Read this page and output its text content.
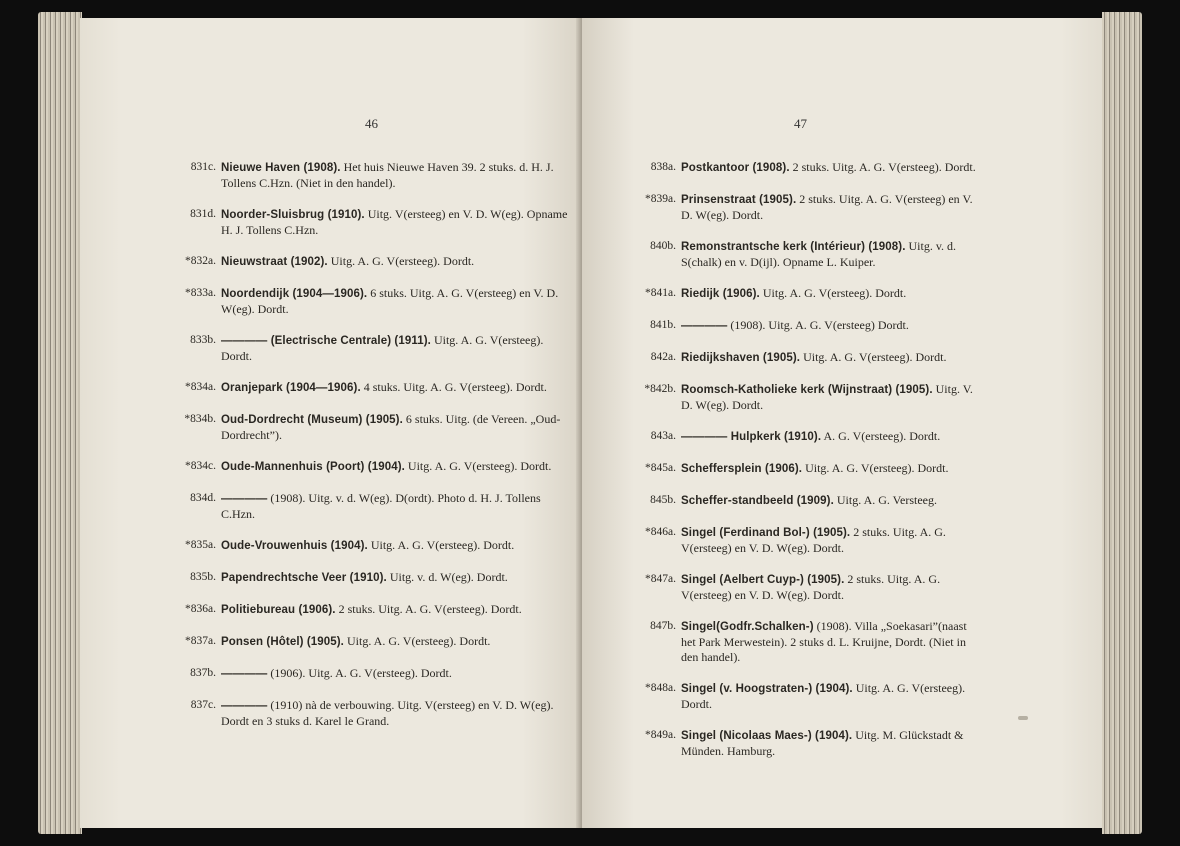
46
831c. Nieuwe Haven (1908). Het huis Nieuwe Haven 39. 2 stuks. d. H. J. Tollens C.Hzn. (Niet in den handel).
831d. Noorder-Sluisbrug (1910). Uitg. V(ersteeg) en V. D. W(eg). Opname H. J. Tollens C.Hzn.
*832a. Nieuwstraat (1902). Uitg. A. G. V(ersteeg). Dordt.
*833a. Noordendijk (1904—1906). 6 stuks. Uitg. A. G. V(ersteeg) en V. D. W(eg). Dordt.
833b. ———— (Electrische Centrale) (1911). Uitg. A. G. V(ersteeg). Dordt.
*834a. Oranjepark (1904—1906). 4 stuks. Uitg. A. G. V(ersteeg). Dordt.
*834b. Oud-Dordrecht (Museum) (1905). 6 stuks. Uitg. (de Vereen. „Oud-Dordrecht”).
*834c. Oude-Mannenhuis (Poort) (1904). Uitg. A. G. V(ersteeg). Dordt.
834d. ———— (1908). Uitg. v. d. W(eg). D(ordt). Photo d. H. J. Tollens C.Hzn.
*835a. Oude-Vrouwenhuis (1904). Uitg. A. G. V(ersteeg). Dordt.
835b. Papendrechtsche Veer (1910). Uitg. v. d. W(eg). Dordt.
*836a. Politiebureau (1906). 2 stuks. Uitg. A. G. V(ersteeg). Dordt.
*837a. Ponsen (Hôtel) (1905). Uitg. A. G. V(ersteeg). Dordt.
837b. ———— (1906). Uitg. A. G. V(ersteeg). Dordt.
837c. ———— (1910) nà de verbouwing. Uitg. V(ersteeg) en V. D. W(eg). Dordt en 3 stuks d. Karel le Grand.
47
838a. Postkantoor (1908). 2 stuks. Uitg. A. G. V(ersteeg). Dordt.
*839a. Prinsenstraat (1905). 2 stuks. Uitg. A. G. V(ersteeg) en V. D. W(eg). Dordt.
840b. Remonstrantsche kerk (Intérieur) (1908). Uitg. v. d. S(chalk) en v. D(ijl). Opname L. Kuiper.
*841a. Riedijk (1906). Uitg. A. G. V(ersteeg). Dordt.
841b. ———— (1908). Uitg. A. G. V(ersteeg) Dordt.
842a. Riedijkshaven (1905). Uitg. A. G. V(ersteeg). Dordt.
*842b. Roomsch-Katholieke kerk (Wijnstraat) (1905). Uitg. V. D. W(eg). Dordt.
843a. ———— Hulpkerk (1910). A. G. V(ersteeg). Dordt.
*845a. Scheffersplein (1906). Uitg. A. G. V(ersteeg). Dordt.
845b. Scheffer-standbeeld (1909). Uitg. A. G. Versteeg.
*846a. Singel (Ferdinand Bol-) (1905). 2 stuks. Uitg. A. G. V(ersteeg) en V. D. W(eg). Dordt.
*847a. Singel (Aelbert Cuyp-) (1905). 2 stuks. Uitg. A. G. V(ersteeg) en V. D. W(eg). Dordt.
847b. Singel(Godfr.Schalken-) (1908). Villa „Soekasari”(naast het Park Merwestein). 2 stuks d. L. Kruijne, Dordt. (Niet in den handel).
*848a. Singel (v. Hoogstraten-) (1904). Uitg. A. G. V(ersteeg). Dordt.
*849a. Singel (Nicolaas Maes-) (1904). Uitg. M. Glückstadt & Münden. Hamburg.
